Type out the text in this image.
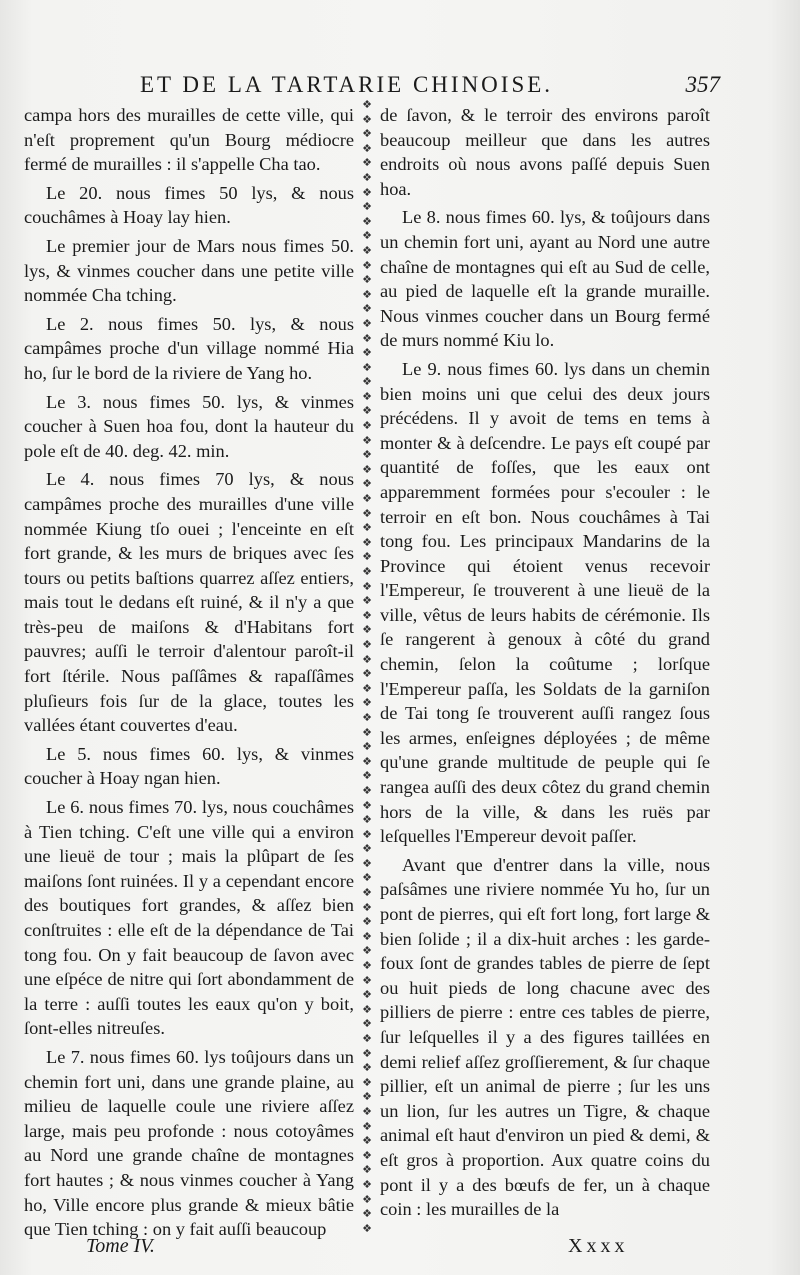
ET DE LA TARTARIE CHINOISE.	357

campa hors des murailles de cette ville, qui n'eſt proprement qu'un Bourg médiocre fermé de murailles : il s'appelle Cha tao.

Le 20. nous fimes 50 lys, & nous couchâmes à Hoay lay hien.

Le premier jour de Mars nous fimes 50. lys, & vinmes coucher dans une petite ville nommée Cha tching.

Le 2. nous fimes 50. lys, & nous campâmes proche d'un village nommé Hia ho, ſur le bord de la riviere de Yang ho.

Le 3. nous fimes 50. lys, & vinmes coucher à Suen hoa fou, dont la hauteur du pole eſt de 40. deg. 42. min.

Le 4. nous fimes 70 lys, & nous campâmes proche des murailles d'une ville nommée Kiung tſo ouei ; l'enceinte en eſt fort grande, & les murs de briques avec ſes tours ou petits baſtions quarrez aſſez entiers, mais tout le dedans eſt ruiné, & il n'y a que très-peu de maiſons & d'Habitans fort pauvres; auſſi le terroir d'alentour paroît-il fort ſtérile. Nous paſſâmes & rapaſſâmes pluſieurs fois ſur de la glace, toutes les vallées étant couvertes d'eau.

Le 5. nous fimes 60. lys, & vinmes coucher à Hoay ngan hien.

Le 6. nous fimes 70. lys, nous couchâmes à Tien tching. C'eſt une ville qui a environ une lieuë de tour ; mais la plûpart de ſes maiſons ſont ruinées. Il y a cependant encore des boutiques fort grandes, & aſſez bien conſtruites : elle eſt de la dépendance de Tai tong fou. On y fait beaucoup de ſavon avec une eſpéce de nitre qui ſort abondamment de la terre : auſſi toutes les eaux qu'on y boit, ſont-elles nitreuſes.

Le 7. nous fimes 60. lys toûjours dans un chemin fort uni, dans une grande plaine, au milieu de laquelle coule une riviere aſſez large, mais peu profonde : nous cotoyâmes au Nord une grande chaîne de montagnes fort hautes ; & nous vinmes coucher à Yang ho, Ville encore plus grande & mieux bâtie que Tien tching : on y fait auſſi beaucoup

❖
❖
❖
❖
❖
❖
❖
❖
❖
❖
❖
❖
❖
❖
❖
❖
❖
❖
❖
❖
❖
❖
❖
❖
❖
❖
❖
❖
❖
❖
❖
❖
❖
❖
❖
❖
❖
❖
❖
❖
❖
❖
❖
❖
❖
❖
❖
❖
❖
❖
❖
❖
❖
❖
❖
❖
❖
❖
❖
❖
❖
❖
❖
❖
❖
❖
❖
❖
❖
❖
❖
❖
❖
❖
❖
❖
❖
❖

de ſavon, & le terroir des environs paroît beaucoup meilleur que dans les autres endroits où nous avons paſſé depuis Suen hoa.

Le 8. nous fimes 60. lys, & toûjours dans un chemin fort uni, ayant au Nord une autre chaîne de montagnes qui eſt au Sud de celle, au pied de laquelle eſt la grande muraille. Nous vinmes coucher dans un Bourg fermé de murs nommé Kiu lo.

Le 9. nous fimes 60. lys dans un chemin bien moins uni que celui des deux jours précédens. Il y avoit de tems en tems à monter & à deſcendre. Le pays eſt coupé par quantité de foſſes, que les eaux ont apparemment formées pour s'ecouler : le terroir en eſt bon. Nous couchâmes à Tai tong fou. Les principaux Mandarins de la Province qui étoient venus recevoir l'Empereur, ſe trouverent à une lieuë de la ville, vêtus de leurs habits de cérémonie. Ils ſe rangerent à genoux à côté du grand chemin, ſelon la coûtume ; lorſque l'Empereur paſſa, les Soldats de la garniſon de Tai tong ſe trouverent auſſi rangez ſous les armes, enſeignes déployées ; de même qu'une grande multitude de peuple qui ſe rangea auſſi des deux côtez du grand chemin hors de la ville, & dans les ruës par leſquelles l'Empereur devoit paſſer.

Avant que d'entrer dans la ville, nous paſsâmes une riviere nommée Yu ho, ſur un pont de pierres, qui eſt fort long, fort large & bien ſolide ; il a dix-huit arches : les garde-foux ſont de grandes tables de pierre de ſept ou huit pieds de long chacune avec des pilliers de pierre : entre ces tables de pierre, ſur leſquelles il y a des figures taillées en demi relief aſſez groſſierement, & ſur chaque pillier, eſt un animal de pierre ; ſur les uns un lion, ſur les autres un Tigre, & chaque animal eſt haut d'environ un pied & demi, & eſt gros à proportion. Aux quatre coins du pont il y a des bœufs de fer, un à chaque coin : les murailles de la

Tome IV.	Xxxx
